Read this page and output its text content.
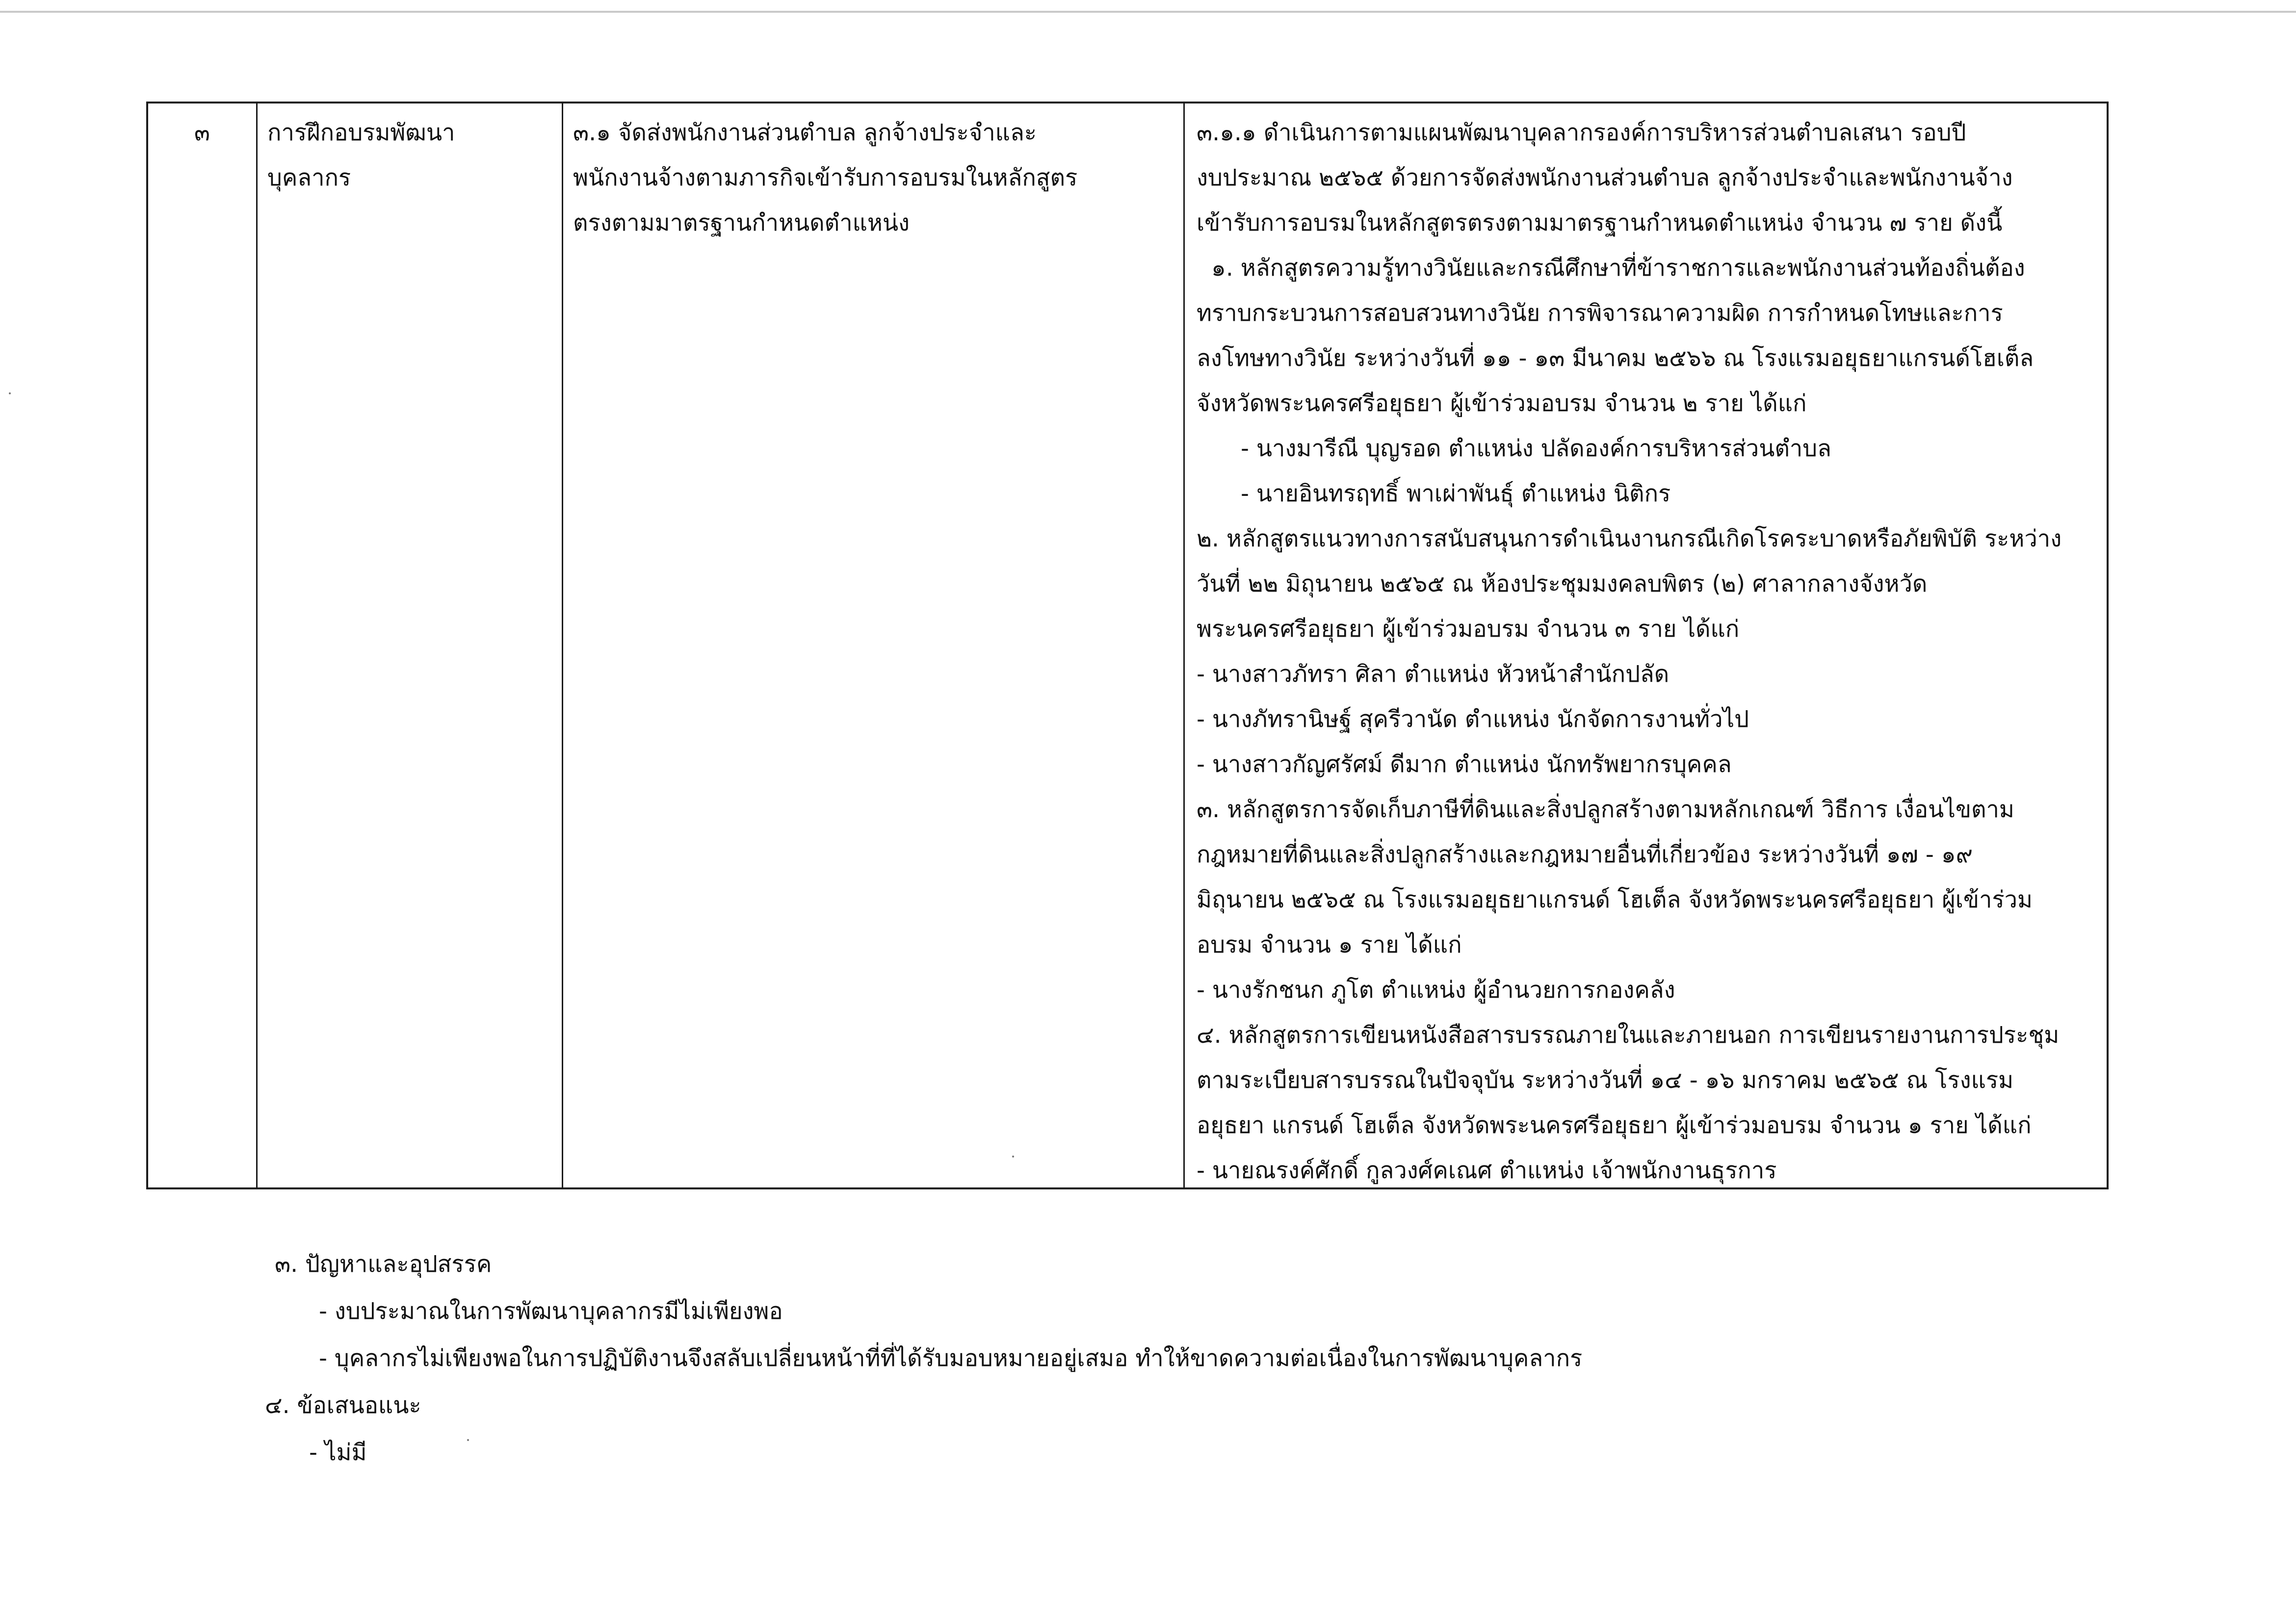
๓	การฝึกอบรมพัฒนา
บุคลากร
๓.๑ จัดส่งพนักงานส่วนตำบล ลูกจ้างประจำและ
พนักงานจ้างตามภารกิจเข้ารับการอบรมในหลักสูตร
ตรงตามมาตรฐานกำหนดตำแหน่ง
๓.๑.๑ ดำเนินการตามแผนพัฒนาบุคลากรองค์การบริหารส่วนตำบลเสนา รอบปี
งบประมาณ ๒๕๖๕ ด้วยการจัดส่งพนักงานส่วนตำบล ลูกจ้างประจำและพนักงานจ้าง
เข้ารับการอบรมในหลักสูตรตรงตามมาตรฐานกำหนดตำแหน่ง จำนวน ๗ ราย ดังนี้
๑. หลักสูตรความรู้ทางวินัยและกรณีศึกษาที่ข้าราชการและพนักงานส่วนท้องถิ่นต้อง
ทราบกระบวนการสอบสวนทางวินัย การพิจารณาความผิด การกำหนดโทษและการ
ลงโทษทางวินัย ระหว่างวันที่ ๑๑ - ๑๓ มีนาคม ๒๕๖๖ ณ โรงแรมอยุธยาแกรนด์โฮเต็ล
จังหวัดพระนครศรีอยุธยา ผู้เข้าร่วมอบรม จำนวน ๒ ราย ได้แก่
- นางมารีณี บุญรอด ตำแหน่ง ปลัดองค์การบริหารส่วนตำบล
- นายอินทรฤทธิ์ พาเผ่าพันธุ์ ตำแหน่ง นิติกร
๒. หลักสูตรแนวทางการสนับสนุนการดำเนินงานกรณีเกิดโรคระบาดหรือภัยพิบัติ ระหว่าง
วันที่ ๒๒ มิถุนายน ๒๕๖๕ ณ ห้องประชุมมงคลบพิตร (๒) ศาลากลางจังหวัด
พระนครศรีอยุธยา ผู้เข้าร่วมอบรม จำนวน ๓ ราย ได้แก่
- นางสาวภัทรา ศิลา ตำแหน่ง หัวหน้าสำนักปลัด
- นางภัทรานิษฐ์ สุครีวานัด ตำแหน่ง นักจัดการงานทั่วไป
- นางสาวกัญศรัศม์ ดีมาก ตำแหน่ง นักทรัพยากรบุคคล
๓. หลักสูตรการจัดเก็บภาษีที่ดินและสิ่งปลูกสร้างตามหลักเกณฑ์ วิธีการ เงื่อนไขตาม
กฎหมายที่ดินและสิ่งปลูกสร้างและกฎหมายอื่นที่เกี่ยวข้อง ระหว่างวันที่ ๑๗ - ๑๙
มิถุนายน ๒๕๖๕ ณ โรงแรมอยุธยาแกรนด์ โฮเต็ล จังหวัดพระนครศรีอยุธยา ผู้เข้าร่วม
อบรม จำนวน ๑ ราย ได้แก่
- นางรักชนก ภูโต ตำแหน่ง ผู้อำนวยการกองคลัง
๔. หลักสูตรการเขียนหนังสือสารบรรณภายในและภายนอก การเขียนรายงานการประชุม
ตามระเบียบสารบรรณในปัจจุบัน ระหว่างวันที่ ๑๔ - ๑๖ มกราคม ๒๕๖๕ ณ โรงแรม
อยุธยา แกรนด์ โฮเต็ล จังหวัดพระนครศรีอยุธยา ผู้เข้าร่วมอบรม จำนวน ๑ ราย ได้แก่
- นายณรงค์ศักดิ์ กูลวงศ์คเณศ ตำแหน่ง เจ้าพนักงานธุรการ
๓. ปัญหาและอุปสรรค
- งบประมาณในการพัฒนาบุคลากรมีไม่เพียงพอ
- บุคลากรไม่เพียงพอในการปฏิบัติงานจึงสลับเปลี่ยนหน้าที่ที่ได้รับมอบหมายอยู่เสมอ ทำให้ขาดความต่อเนื่องในการพัฒนาบุคลากร
๔. ข้อเสนอแนะ
- ไม่มี
